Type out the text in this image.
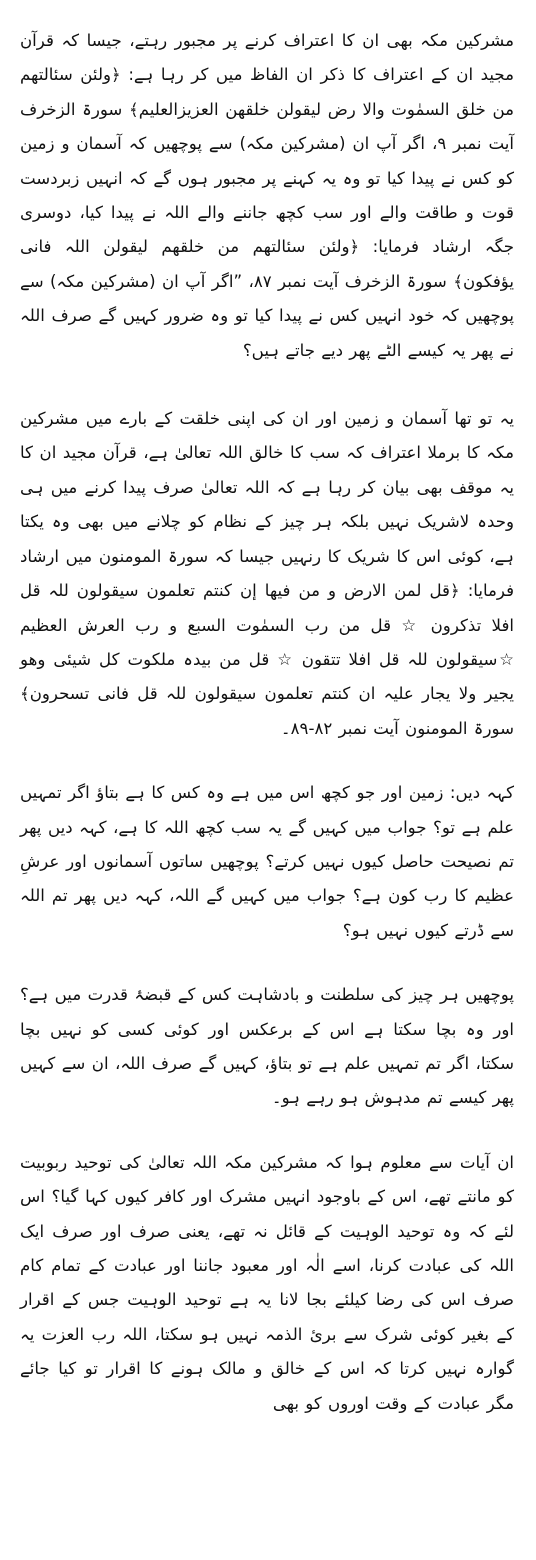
مشرکین مکہ بھی ان کا اعتراف کرنے پر مجبور رہتے، جیسا کہ قرآن مجید ان کے اعتراف کا ذکر ان الفاظ میں کر رہا ہے: ﴿ولئن سئالتھم من خلق السمٰوت والا رض لیقولن خلقھن العزیزالعلیم﴾ سورۃ الزخرف آیت نمبر ۹، اگر آپ ان (مشرکین مکہ) سے پوچھیں کہ آسمان و زمین کو کس نے پیدا کیا تو وہ یہ کہنے پر مجبور ہوں گے کہ انہیں زبردست قوت و طاقت والے اور سب کچھ جاننے والے اللہ نے پیدا کیا، دوسری جگہ ارشاد فرمایا: ﴿ولئن سئالتھم من خلقھم لیقولن اللہ فانی یؤفکون﴾ سورۃ الزخرف آیت نمبر ۸۷، ”اگر آپ ان (مشرکین مکہ) سے پوچھیں کہ خود انہیں کس نے پیدا کیا تو وہ ضرور کہیں گے صرف اللہ نے پھر یہ کیسے الٹے پھر دیے جاتے ہیں؟

یہ تو تھا آسمان و زمین اور ان کی اپنی خلقت کے بارے میں مشرکین مکہ کا برملا اعتراف کہ سب کا خالق اللہ تعالیٰ ہے، قرآن مجید ان کا یہ موقف بھی بیان کر رہا ہے کہ اللہ تعالیٰ صرف پیدا کرنے میں ہی وحدہ لاشریک نہیں بلکہ ہر چیز کے نظام کو چلانے میں بھی وہ یکتا ہے، کوئی اس کا شریک کا رنہیں جیسا کہ سورۃ المومنون میں ارشاد فرمایا: ﴿قل لمن الارض و من فیھا إن کنتم تعلمون سیقولون للہ قل افلا تذکرون ☆ قل من رب السمٰوت السبع و رب العرش العظیم ☆سیقولون للہ قل افلا تتقون ☆ قل من بیدہ ملکوت کل شیئی وھو یجیر ولا یجار علیہ ان کنتم تعلمون سیقولون للہ قل فانی تسحرون﴾ سورۃ المومنون آیت نمبر ۸۲-۸۹۔

کہہ دیں: زمین اور جو کچھ اس میں ہے وہ کس کا ہے بتاؤ اگر تمہیں علم ہے تو؟ جواب میں کہیں گے یہ سب کچھ اللہ کا ہے، کہہ دیں پھر تم نصیحت حاصل کیوں نہیں کرتے؟ پوچھیں ساتوں آسمانوں اور عرشِ عظیم کا رب کون ہے؟ جواب میں کہیں گے اللہ، کہہ دیں پھر تم اللہ سے ڈرتے کیوں نہیں ہو؟

پوچھیں ہر چیز کی سلطنت و بادشاہت کس کے قبضۂ قدرت میں ہے؟ اور وہ بچا سکتا ہے اس کے برعکس اور کوئی کسی کو نہیں بچا سکتا، اگر تم تمہیں علم ہے تو بتاؤ، کہیں گے صرف اللہ، ان سے کہیں پھر کیسے تم مدہوش ہو رہے ہو۔

ان آیات سے معلوم ہوا کہ مشرکین مکہ اللہ تعالیٰ کی توحید ربوبیت کو مانتے تھے، اس کے باوجود انہیں مشرک اور کافر کیوں کہا گیا؟ اس لئے کہ وہ توحید الوہیت کے قائل نہ تھے، یعنی صرف اور صرف ایک اللہ کی عبادت کرنا، اسے الٰہ اور معبود جاننا اور عبادت کے تمام کام صرف اس کی رضا کیلئے بجا لانا یہ ہے توحید الوہیت جس کے اقرار کے بغیر کوئی شرک سے بریٔ الذمہ نہیں ہو سکتا، اللہ رب العزت یہ گوارہ نہیں کرتا کہ اس کے خالق و مالک ہونے کا اقرار تو کیا جائے مگر عبادت کے وقت اوروں کو بھی
